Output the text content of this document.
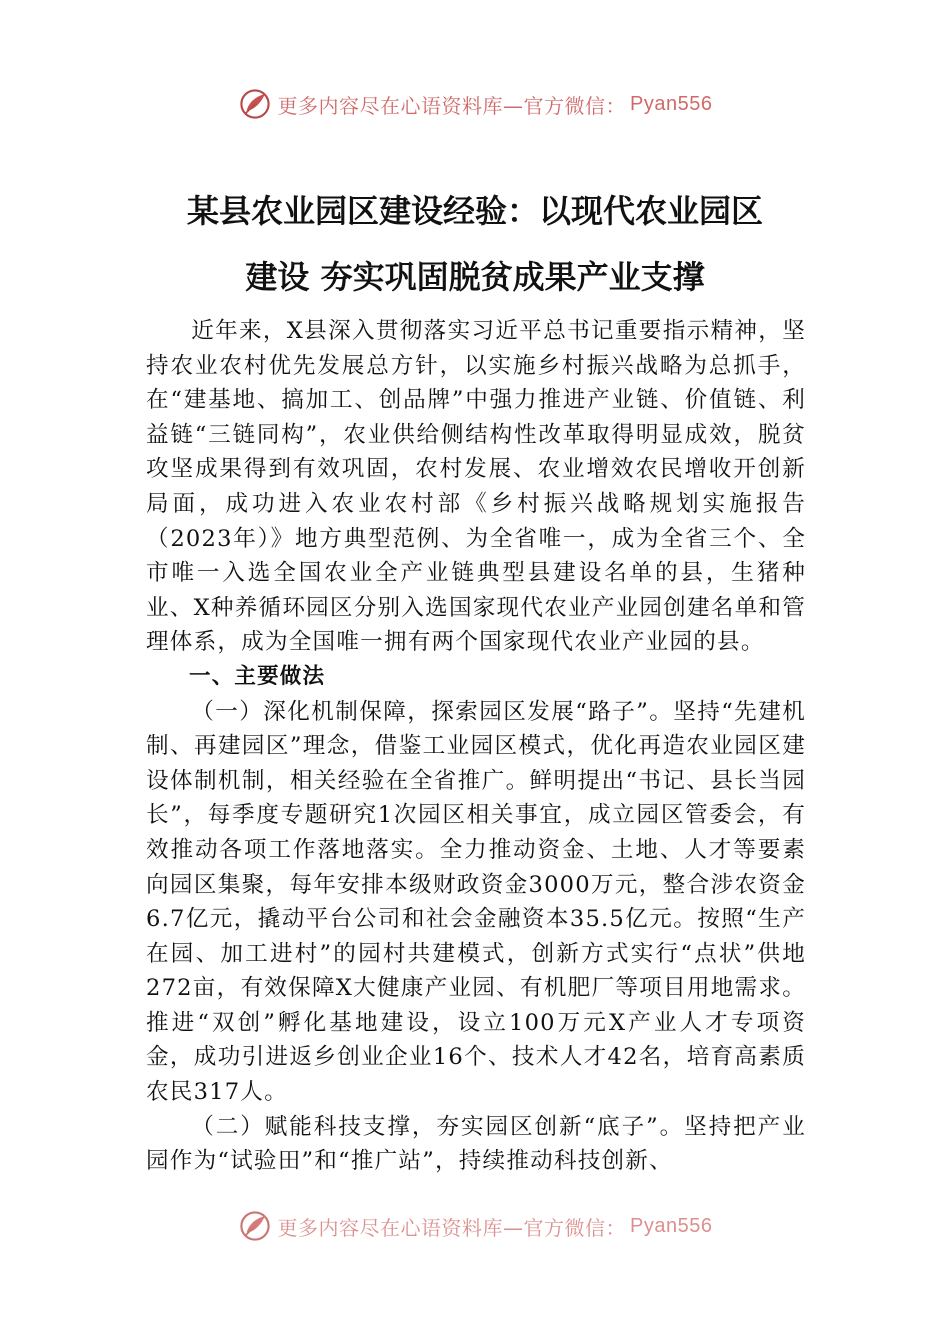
更多内容尽在心语资料库—官方微信： Pyan556
某县农业园区建设经验：以现代农业园区
建设 夯实巩固脱贫成果产业支撑

近年来，X县深入贯彻落实习近平总书记重要指示精神，坚持农业农村优先发展总方针，以实施乡村振兴战略为总抓手，在“建基地、搞加工、创品牌”中强力推进产业链、价值链、利益链“三链同构”，农业供给侧结构性改革取得明显成效，脱贫攻坚成果得到有效巩固，农村发展、农业增效农民增收开创新局面，成功进入农业农村部《乡村振兴战略规划实施报告（2023年）》地方典型范例、为全省唯一，成为全省三个、全市唯一入选全国农业全产业链典型县建设名单的县，生猪种业、X种养循环园区分别入选国家现代农业产业园创建名单和管理体系，成为全国唯一拥有两个国家现代农业产业园的县。

一、主要做法

（一）深化机制保障，探索园区发展“路子”。坚持“先建机制、再建园区”理念，借鉴工业园区模式，优化再造农业园区建设体制机制，相关经验在全省推广。鲜明提出“书记、县长当园长”，每季度专题研究1次园区相关事宜，成立园区管委会，有效推动各项工作落地落实。全力推动资金、土地、人才等要素向园区集聚，每年安排本级财政资金3000万元，整合涉农资金6.7亿元，撬动平台公司和社会金融资本35.5亿元。按照“生产在园、加工进村”的园村共建模式，创新方式实行“点状”供地272亩，有效保障X大健康产业园、有机肥厂等项目用地需求。推进“双创”孵化基地建设，设立100万元X产业人才专项资金，成功引进返乡创业企业16个、技术人才42名，培育高素质农民317人。

（二）赋能科技支撑，夯实园区创新“底子”。坚持把产业园作为“试验田”和“推广站”，持续推动科技创新、

更多内容尽在心语资料库—官方微信： Pyan556
